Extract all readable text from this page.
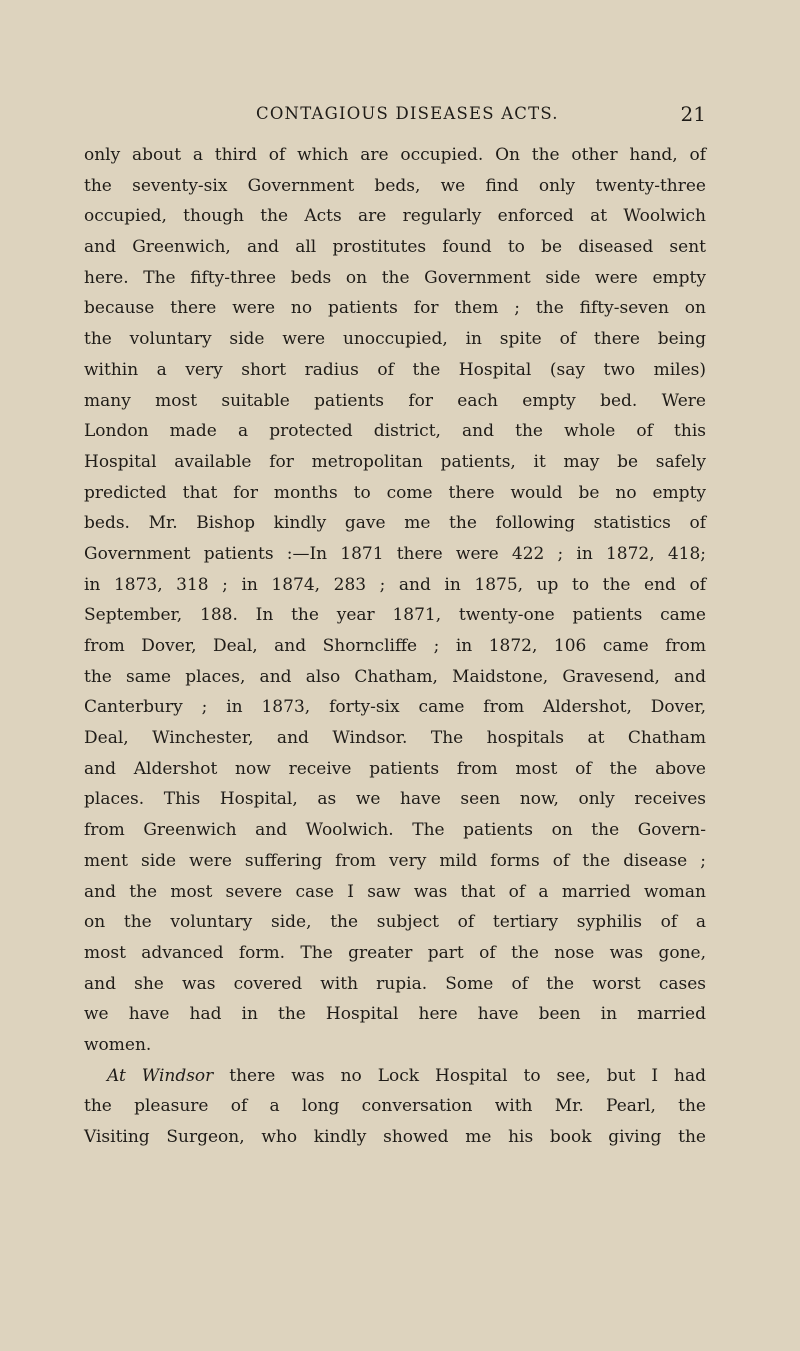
CONTAGIOUS DISEASES ACTS.	21
only about a third of which are occupied. On the other hand, of
the seventy-six Government beds, we find only twenty-three
occupied, though the Acts are regularly enforced at Woolwich
and Greenwich, and all prostitutes found to be diseased sent
here. The fifty-three beds on the Government side were empty
because there were no patients for them ; the fifty-seven on
the voluntary side were unoccupied, in spite of there being
within a very short radius of the Hospital (say two miles)
many most suitable patients for each empty bed. Were
London made a protected district, and the whole of this
Hospital available for metropolitan patients, it may be safely
predicted that for months to come there would be no empty
beds. Mr. Bishop kindly gave me the following statistics of
Government patients :—In 1871 there were 422 ; in 1872, 418;
in 1873, 318 ; in 1874, 283 ; and in 1875, up to the end of
September, 188. In the year 1871, twenty-one patients came
from Dover, Deal, and Shorncliffe ; in 1872, 106 came from
the same places, and also Chatham, Maidstone, Gravesend, and
Canterbury ; in 1873, forty-six came from Aldershot, Dover,
Deal, Winchester, and Windsor. The hospitals at Chatham
and Aldershot now receive patients from most of the above
places. This Hospital, as we have seen now, only receives
from Greenwich and Woolwich. The patients on the Govern-
ment side were suffering from very mild forms of the disease ;
and the most severe case I saw was that of a married woman
on the voluntary side, the subject of tertiary syphilis of a
most advanced form. The greater part of the nose was gone,
and she was covered with rupia. Some of the worst cases
we have had in the Hospital here have been in married
women.
At Windsor there was no Lock Hospital to see, but I had
the pleasure of a long conversation with Mr. Pearl, the
Visiting Surgeon, who kindly showed me his book giving the
